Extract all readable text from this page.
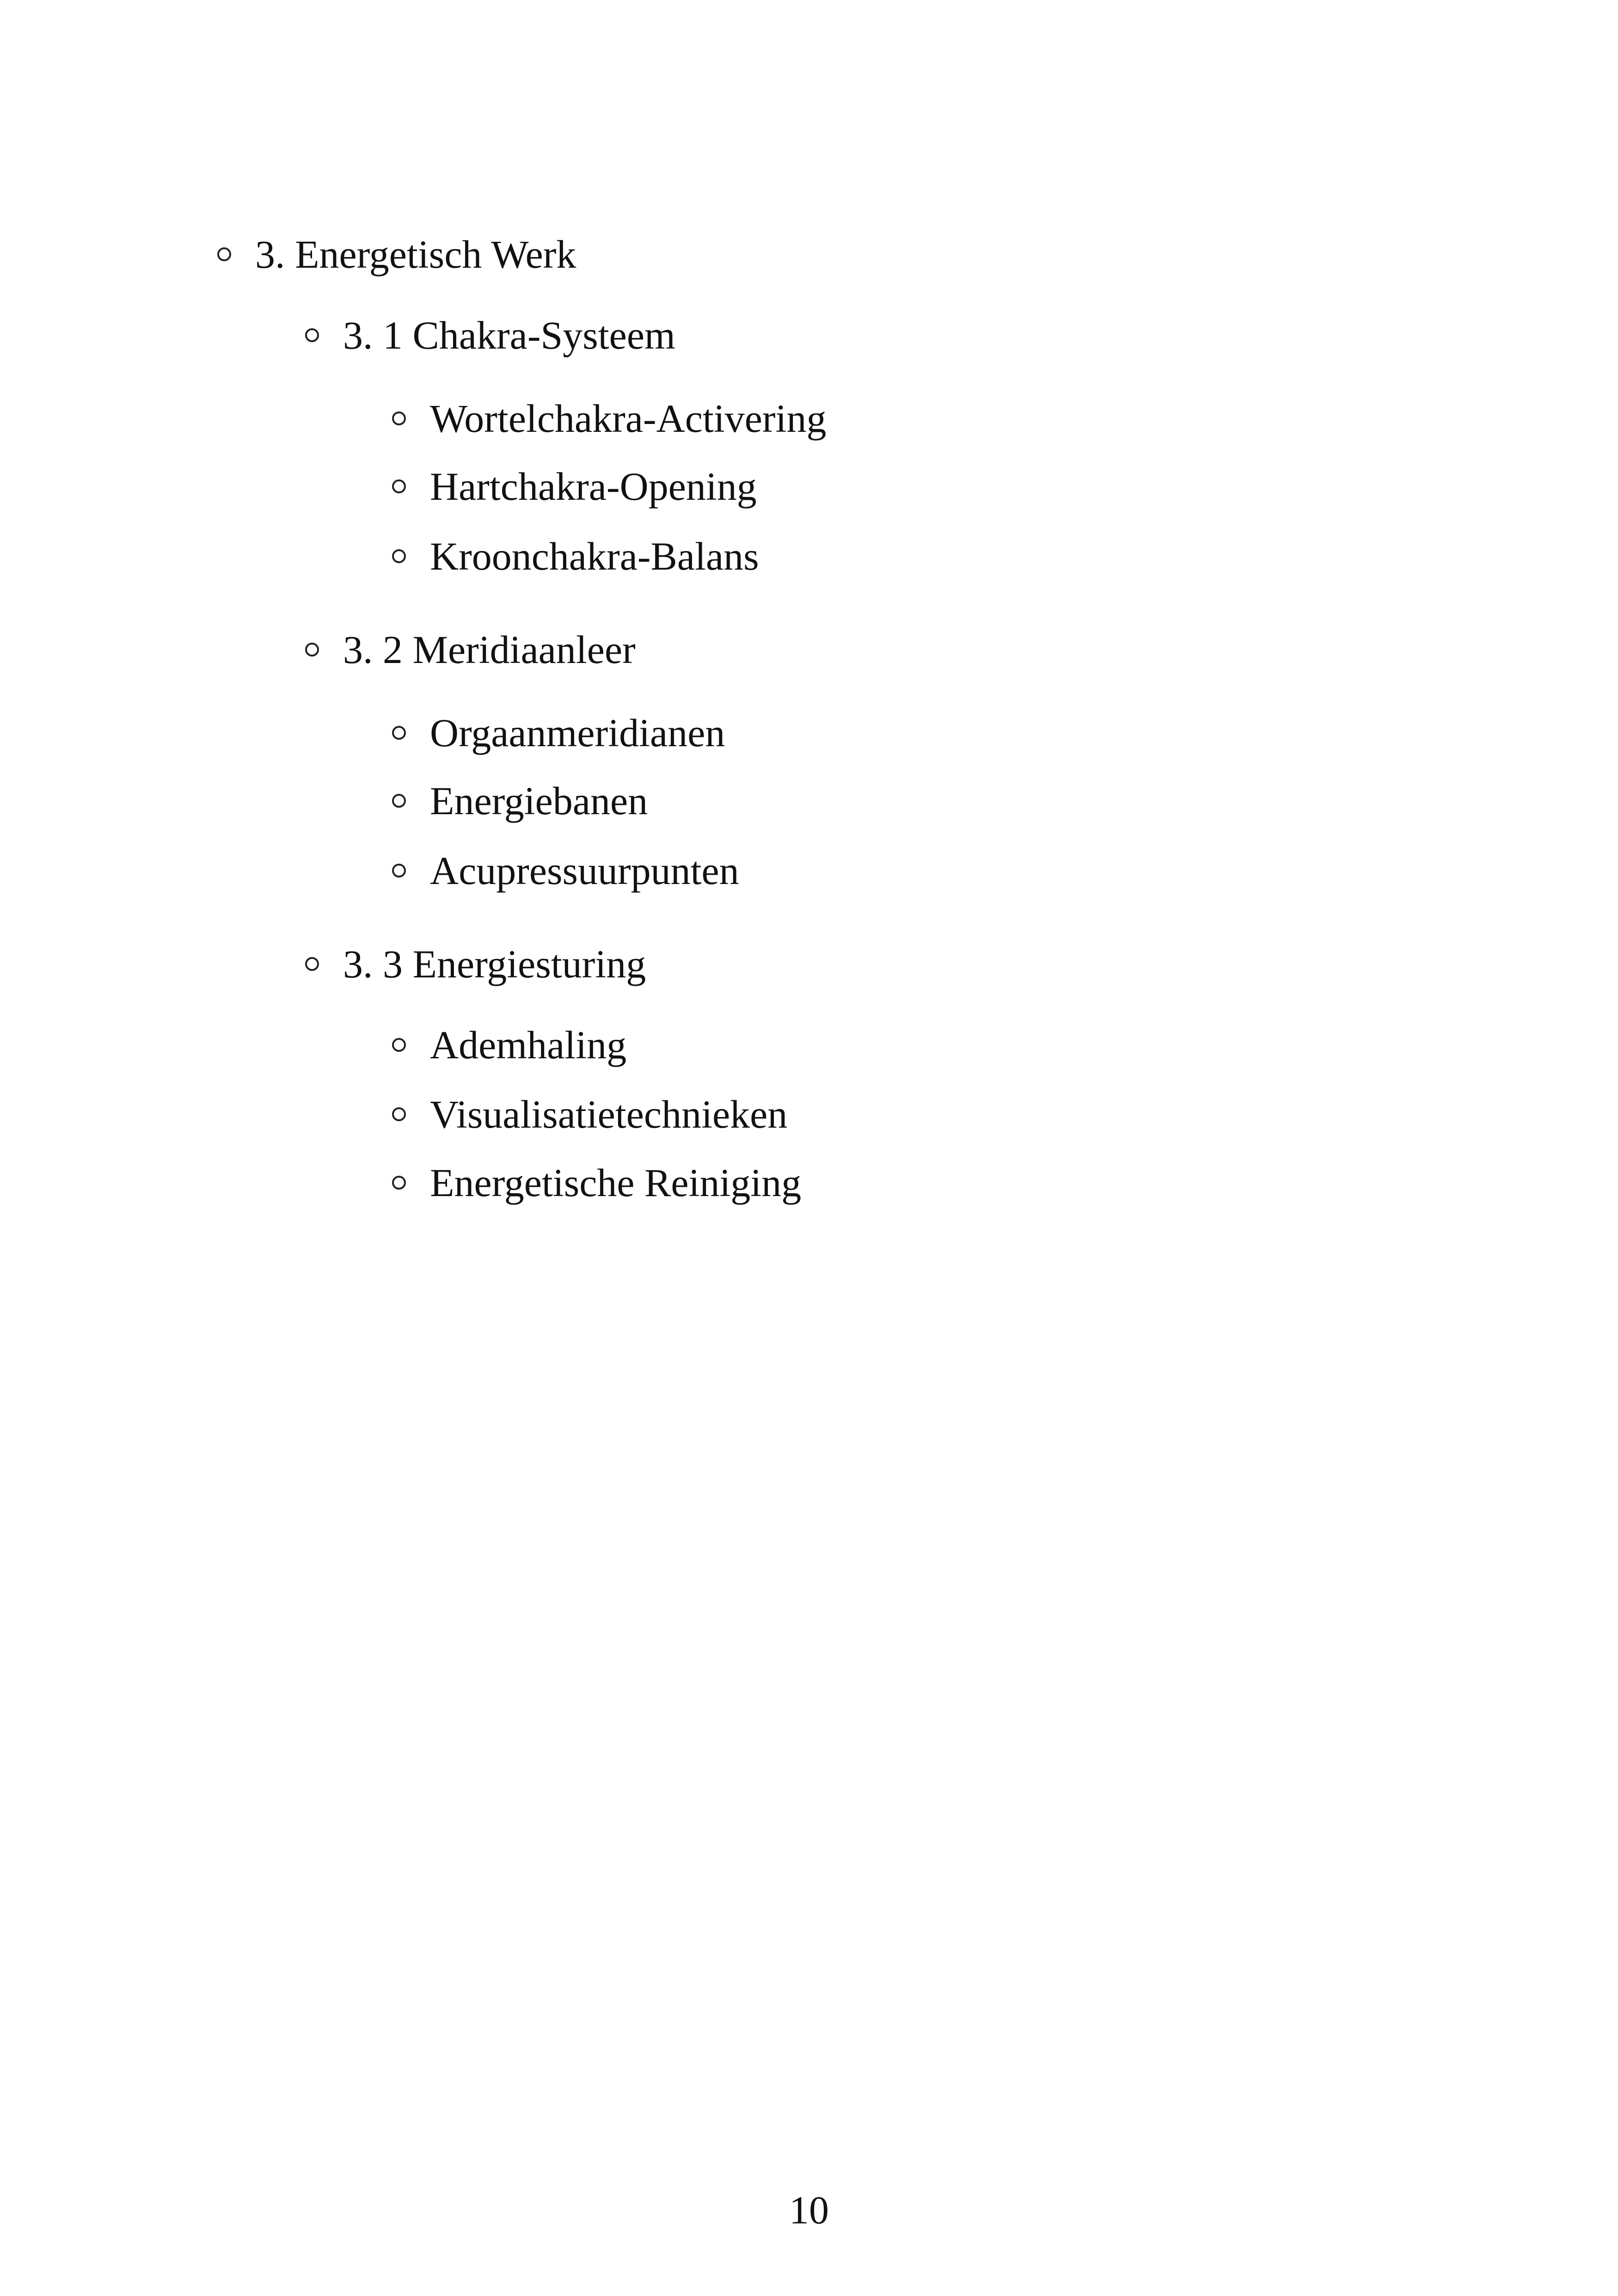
3. Energetisch Werk
3. 1 Chakra-Systeem
Wortelchakra-Activering
Hartchakra-Opening
Kroonchakra-Balans
3. 2 Meridiaanleer
Orgaanmeridianen
Energiebanen
Acupressuurpunten
3. 3 Energiesturing
Ademhaling
Visualisatietechnieken
Energetische Reiniging
10
